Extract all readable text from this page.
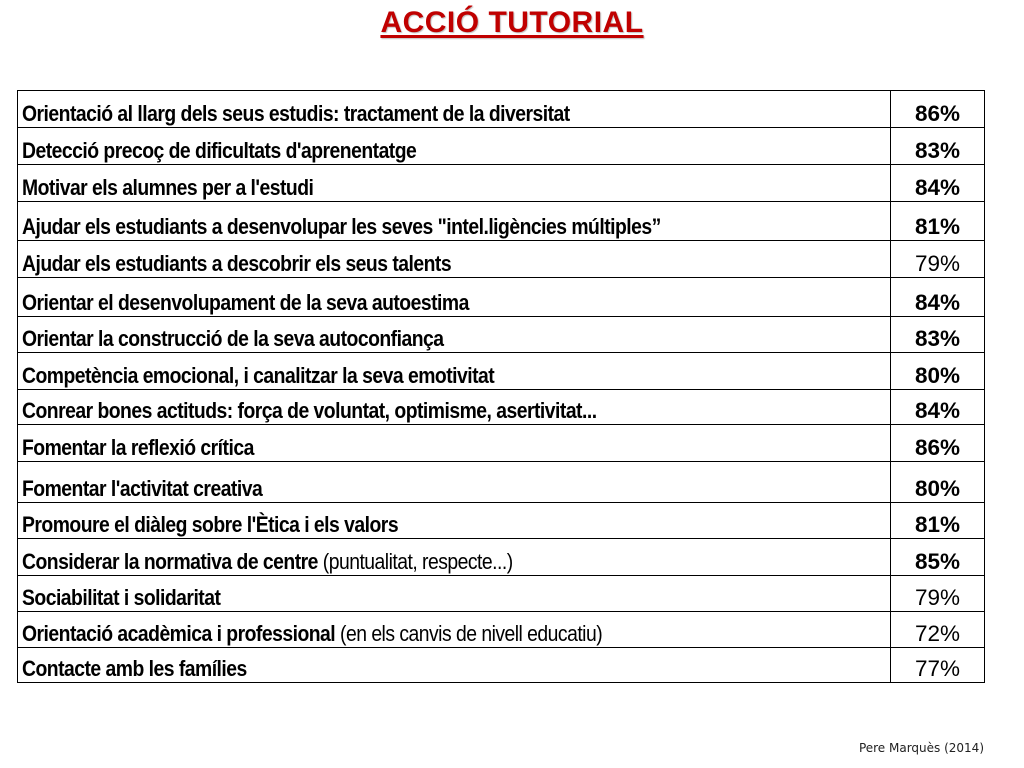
ACCIÓ TUTORIAL
Orientació al llarg dels seus estudis: tractament de la diversitat	86%
Detecció precoç de dificultats d'aprenentatge	83%
Motivar els alumnes per a l'estudi	84%
Ajudar els estudiants a desenvolupar les seves "intel.ligències múltiples”	81%
Ajudar els estudiants a descobrir els seus talents	79%
Orientar el desenvolupament de la seva autoestima	84%
Orientar la construcció de la seva autoconfiança	83%
Competència emocional, i canalitzar la seva emotivitat	80%
Conrear bones actituds: força de voluntat, optimisme, asertivitat...	84%
Fomentar la reflexió crítica	86%
Fomentar l'activitat creativa	80%
Promoure el diàleg sobre l'Ètica i els valors	81%
Considerar la normativa de centre (puntualitat, respecte...)	85%
Sociabilitat i solidaritat	79%
Orientació acadèmica i professional (en els canvis de nivell educatiu)	72%
Contacte amb les famílies	77%
Pere Marquès (2014)
